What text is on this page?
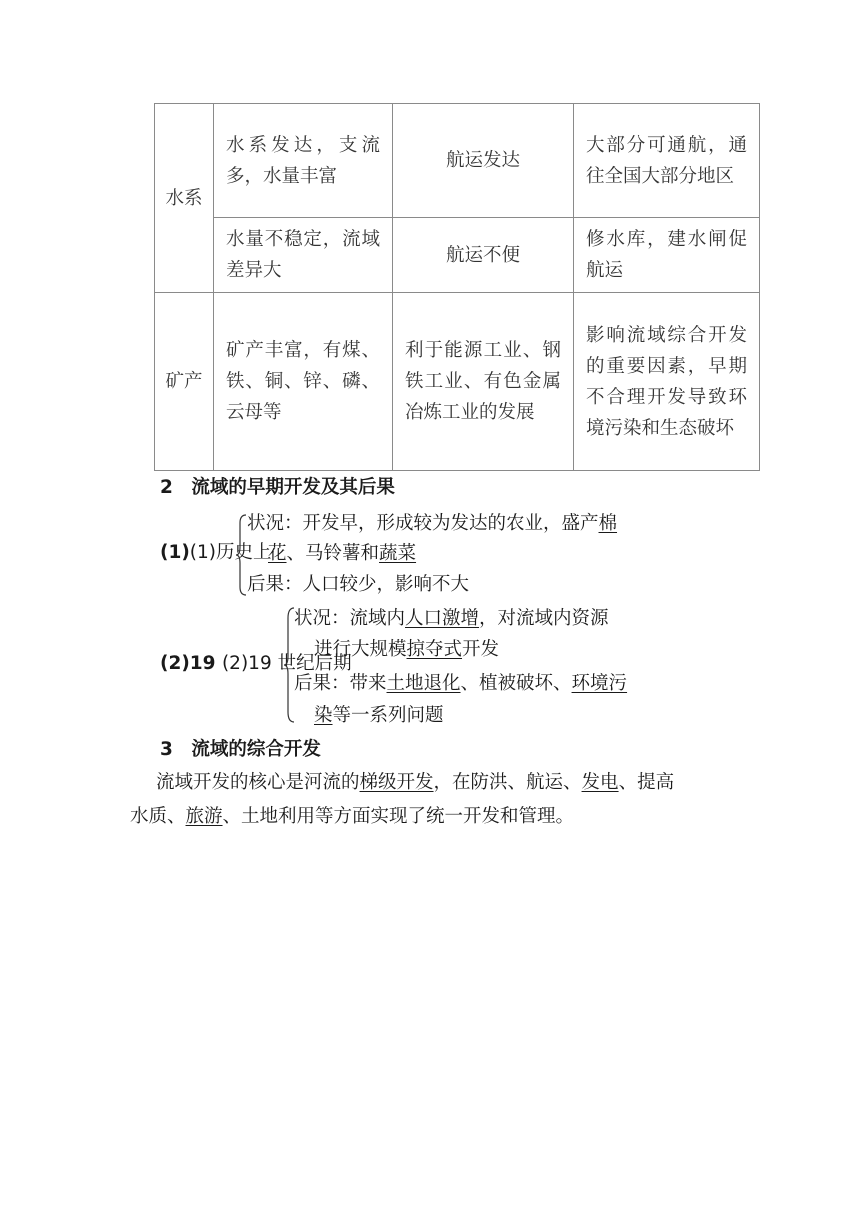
水系	水系发达，支流多，水量丰富	航运发达	大部分可通航，通往全国大部分地区
	水量不稳定，流域差异大	航运不便	修水库，建水闸促航运
矿产	矿产丰富，有煤、铁、铜、锌、磷、云母等	利于能源工业、钢铁工业、有色金属冶炼工业的发展	影响流域综合开发的重要因素，早期不合理开发导致环境污染和生态破坏
2　流域的早期开发及其后果
(1)(1)历史上
状况：开发早，形成较为发达的农业，盛产棉
花、马铃薯和蔬菜
后果：人口较少，影响不大
(2)19 (2)19 世纪后期
状况：流域内人口激增，对流域内资源
进行大规模掠夺式开发
后果：带来土地退化、植被破坏、环境污
染等一系列问题
3　流域的综合开发
流域开发的核心是河流的梯级开发，在防洪、航运、发电、提高
水质、旅游、土地利用等方面实现了统一开发和管理。
